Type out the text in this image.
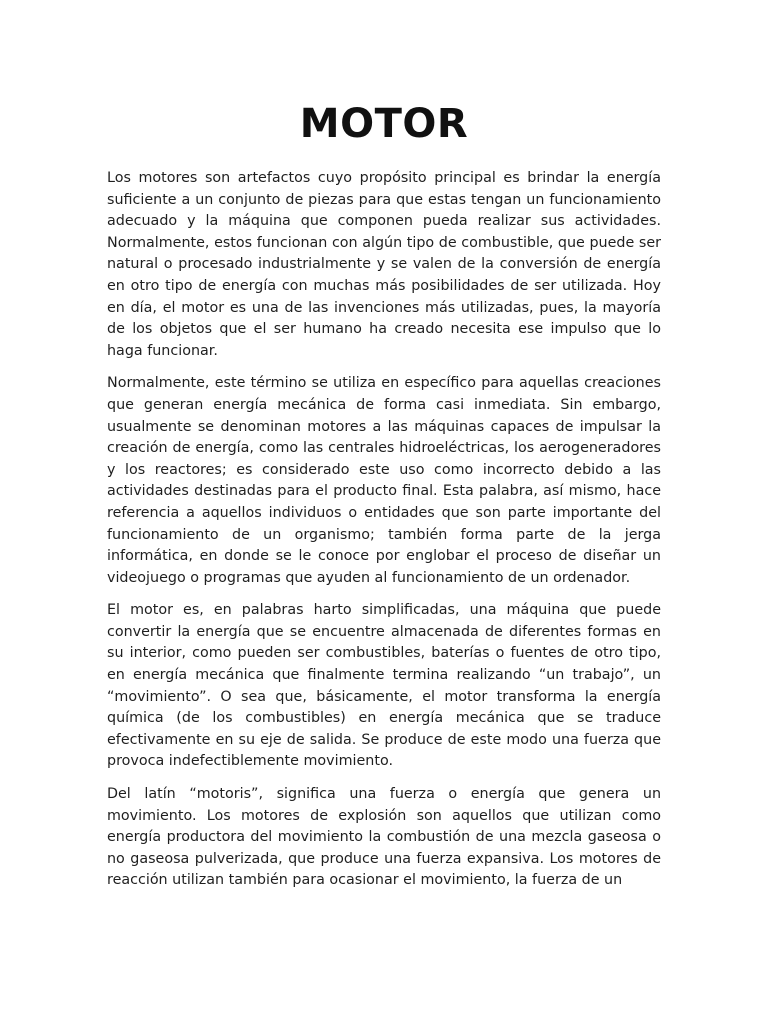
MOTOR

Los motores son artefactos cuyo propósito principal es brindar la energía suficiente a un conjunto de piezas para que estas tengan un funcionamiento adecuado y la máquina que componen pueda realizar sus actividades. Normalmente, estos funcionan con algún tipo de combustible, que puede ser natural o procesado industrialmente y se valen de la conversión de energía en otro tipo de energía con muchas más posibilidades de ser utilizada. Hoy en día, el motor es una de las invenciones más utilizadas, pues, la mayoría de los objetos que el ser humano ha creado necesita ese impulso que lo haga funcionar.

Normalmente, este término se utiliza en específico para aquellas creaciones que generan energía mecánica de forma casi inmediata. Sin embargo, usualmente se denominan motores a las máquinas capaces de impulsar la creación de energía, como las centrales hidroeléctricas, los aerogeneradores y los reactores; es considerado este uso como incorrecto debido a las actividades destinadas para el producto final. Esta palabra, así mismo, hace referencia a aquellos individuos o entidades que son parte importante del funcionamiento de un organismo; también forma parte de la jerga informática, en donde se le conoce por englobar el proceso de diseñar un videojuego o programas que ayuden al funcionamiento de un ordenador.

El motor es, en palabras harto simplificadas, una máquina que puede convertir la energía que se encuentre almacenada de diferentes formas en su interior, como pueden ser combustibles, baterías o fuentes de otro tipo, en energía mecánica que finalmente termina realizando “un trabajo”, un “movimiento”. O sea que, básicamente, el motor transforma la energía química (de los combustibles) en energía mecánica que se traduce efectivamente en su eje de salida. Se produce de este modo una fuerza que provoca indefectiblemente movimiento.

Del latín “motoris”, significa una fuerza o energía que genera un movimiento. Los motores de explosión son aquellos que utilizan como energía productora del movimiento la combustión de una mezcla gaseosa o no gaseosa pulverizada, que produce una fuerza expansiva. Los motores de reacción utilizan también para ocasionar el movimiento, la fuerza de un
